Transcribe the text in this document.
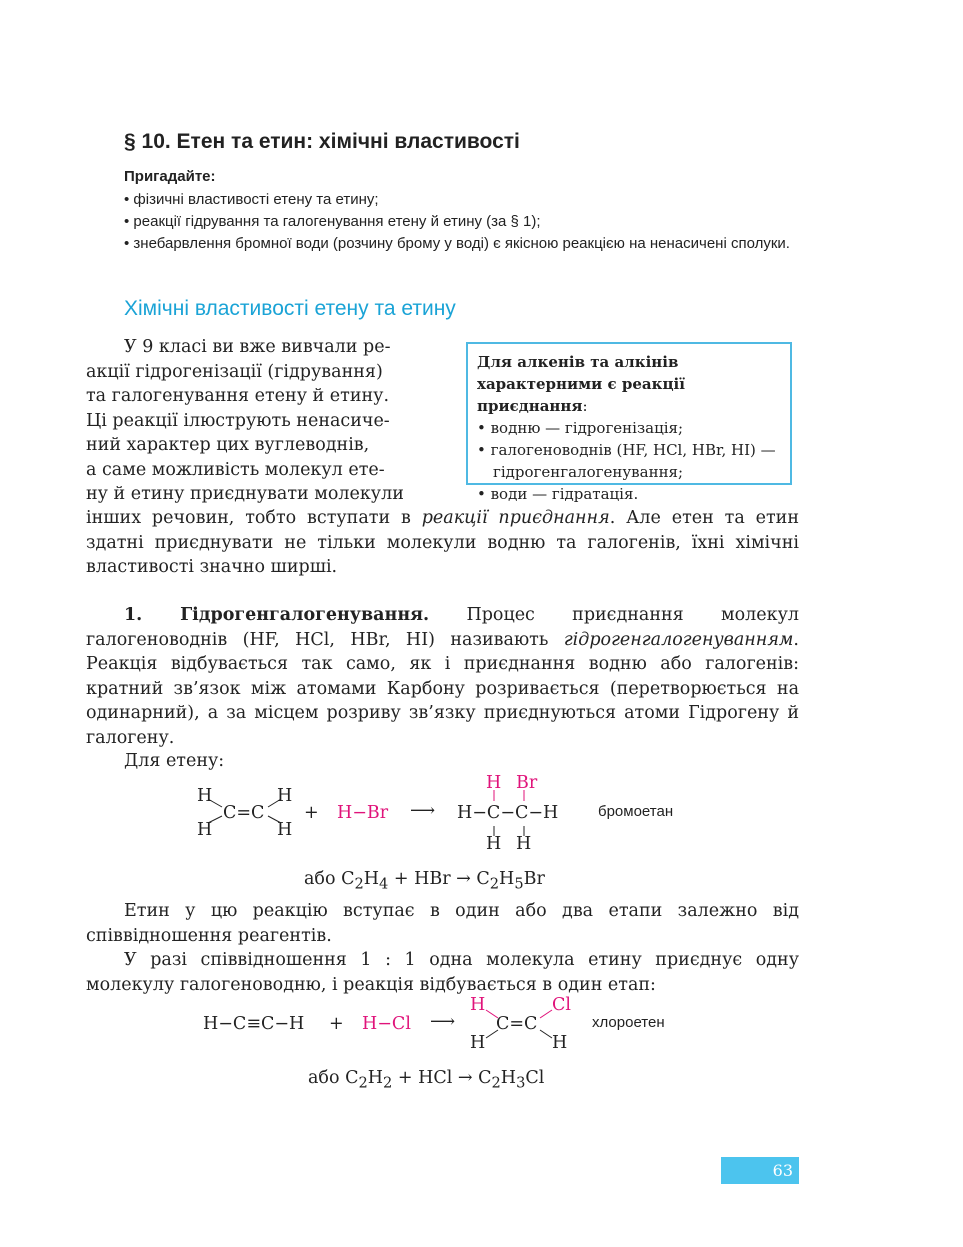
§ 10. Етен та етин: хімічні властивості
Пригадайте:
• фізичні властивості етену та етину;
• реакції гідрування та галогенування етену й етину (за § 1);
• знебарвлення бромної води (розчину брому у воді) є якісною реакцією на ненасичені сполуки.
Хімічні властивості етену та етину
У 9 класі ви вже вивчали ре-
акції гідрогенізації (гідрування)
та галогенування етену й етину.
Ці реакції ілюструють ненасиче-
ний характер цих вуглеводнів,
а саме можливість молекул ете-
ну й етину приєднувати молекули
Для алкенів та алкінів характерними є реакції приєднання:
• водню — гідрогенізація;
• галогеноводнів (HF, HCl, HBr, HI) — гідрогенгалогенування;
• води — гідратація.
інших речовин, тобто вступати в реакції приєднання. Але етен та етин здатні приєднувати не тільки молекули водню та галогенів, їхні хімічні властивості значно ширші.
1. Гідрогенгалогенування. Процес приєднання молекул галогеноводнів (HF, HCl, HBr, HI) називають гідрогенгалогенуванням. Реакція відбувається так само, як і приєднання водню або галогенів: кратний зв’язок між атомами Карбону розривається (перетворюється на одинарний), а за місцем розриву зв’язку приєднуються атоми Гідрогену й галогену.
Для етену:
H
H
H
H
C=C + H−Br ⟶
H Br
H−C−C−H
H H
бромоетан
або $C_2H_4$ + HBr → $C_2H_5Br$
Етин у цю реакцію вступає в один або два етапи залежно від співвідношення реагентів.
У разі співвідношення 1 : 1 одна молекула етину приєднує одну молекулу галогеноводню, і реакція відбувається в один етап:
H−C≡C−H + H−Cl ⟶
H	Cl
C=C
H	H
хлороетен
або $C_2H_2$ + HCl → $C_2H_3Cl$
63
